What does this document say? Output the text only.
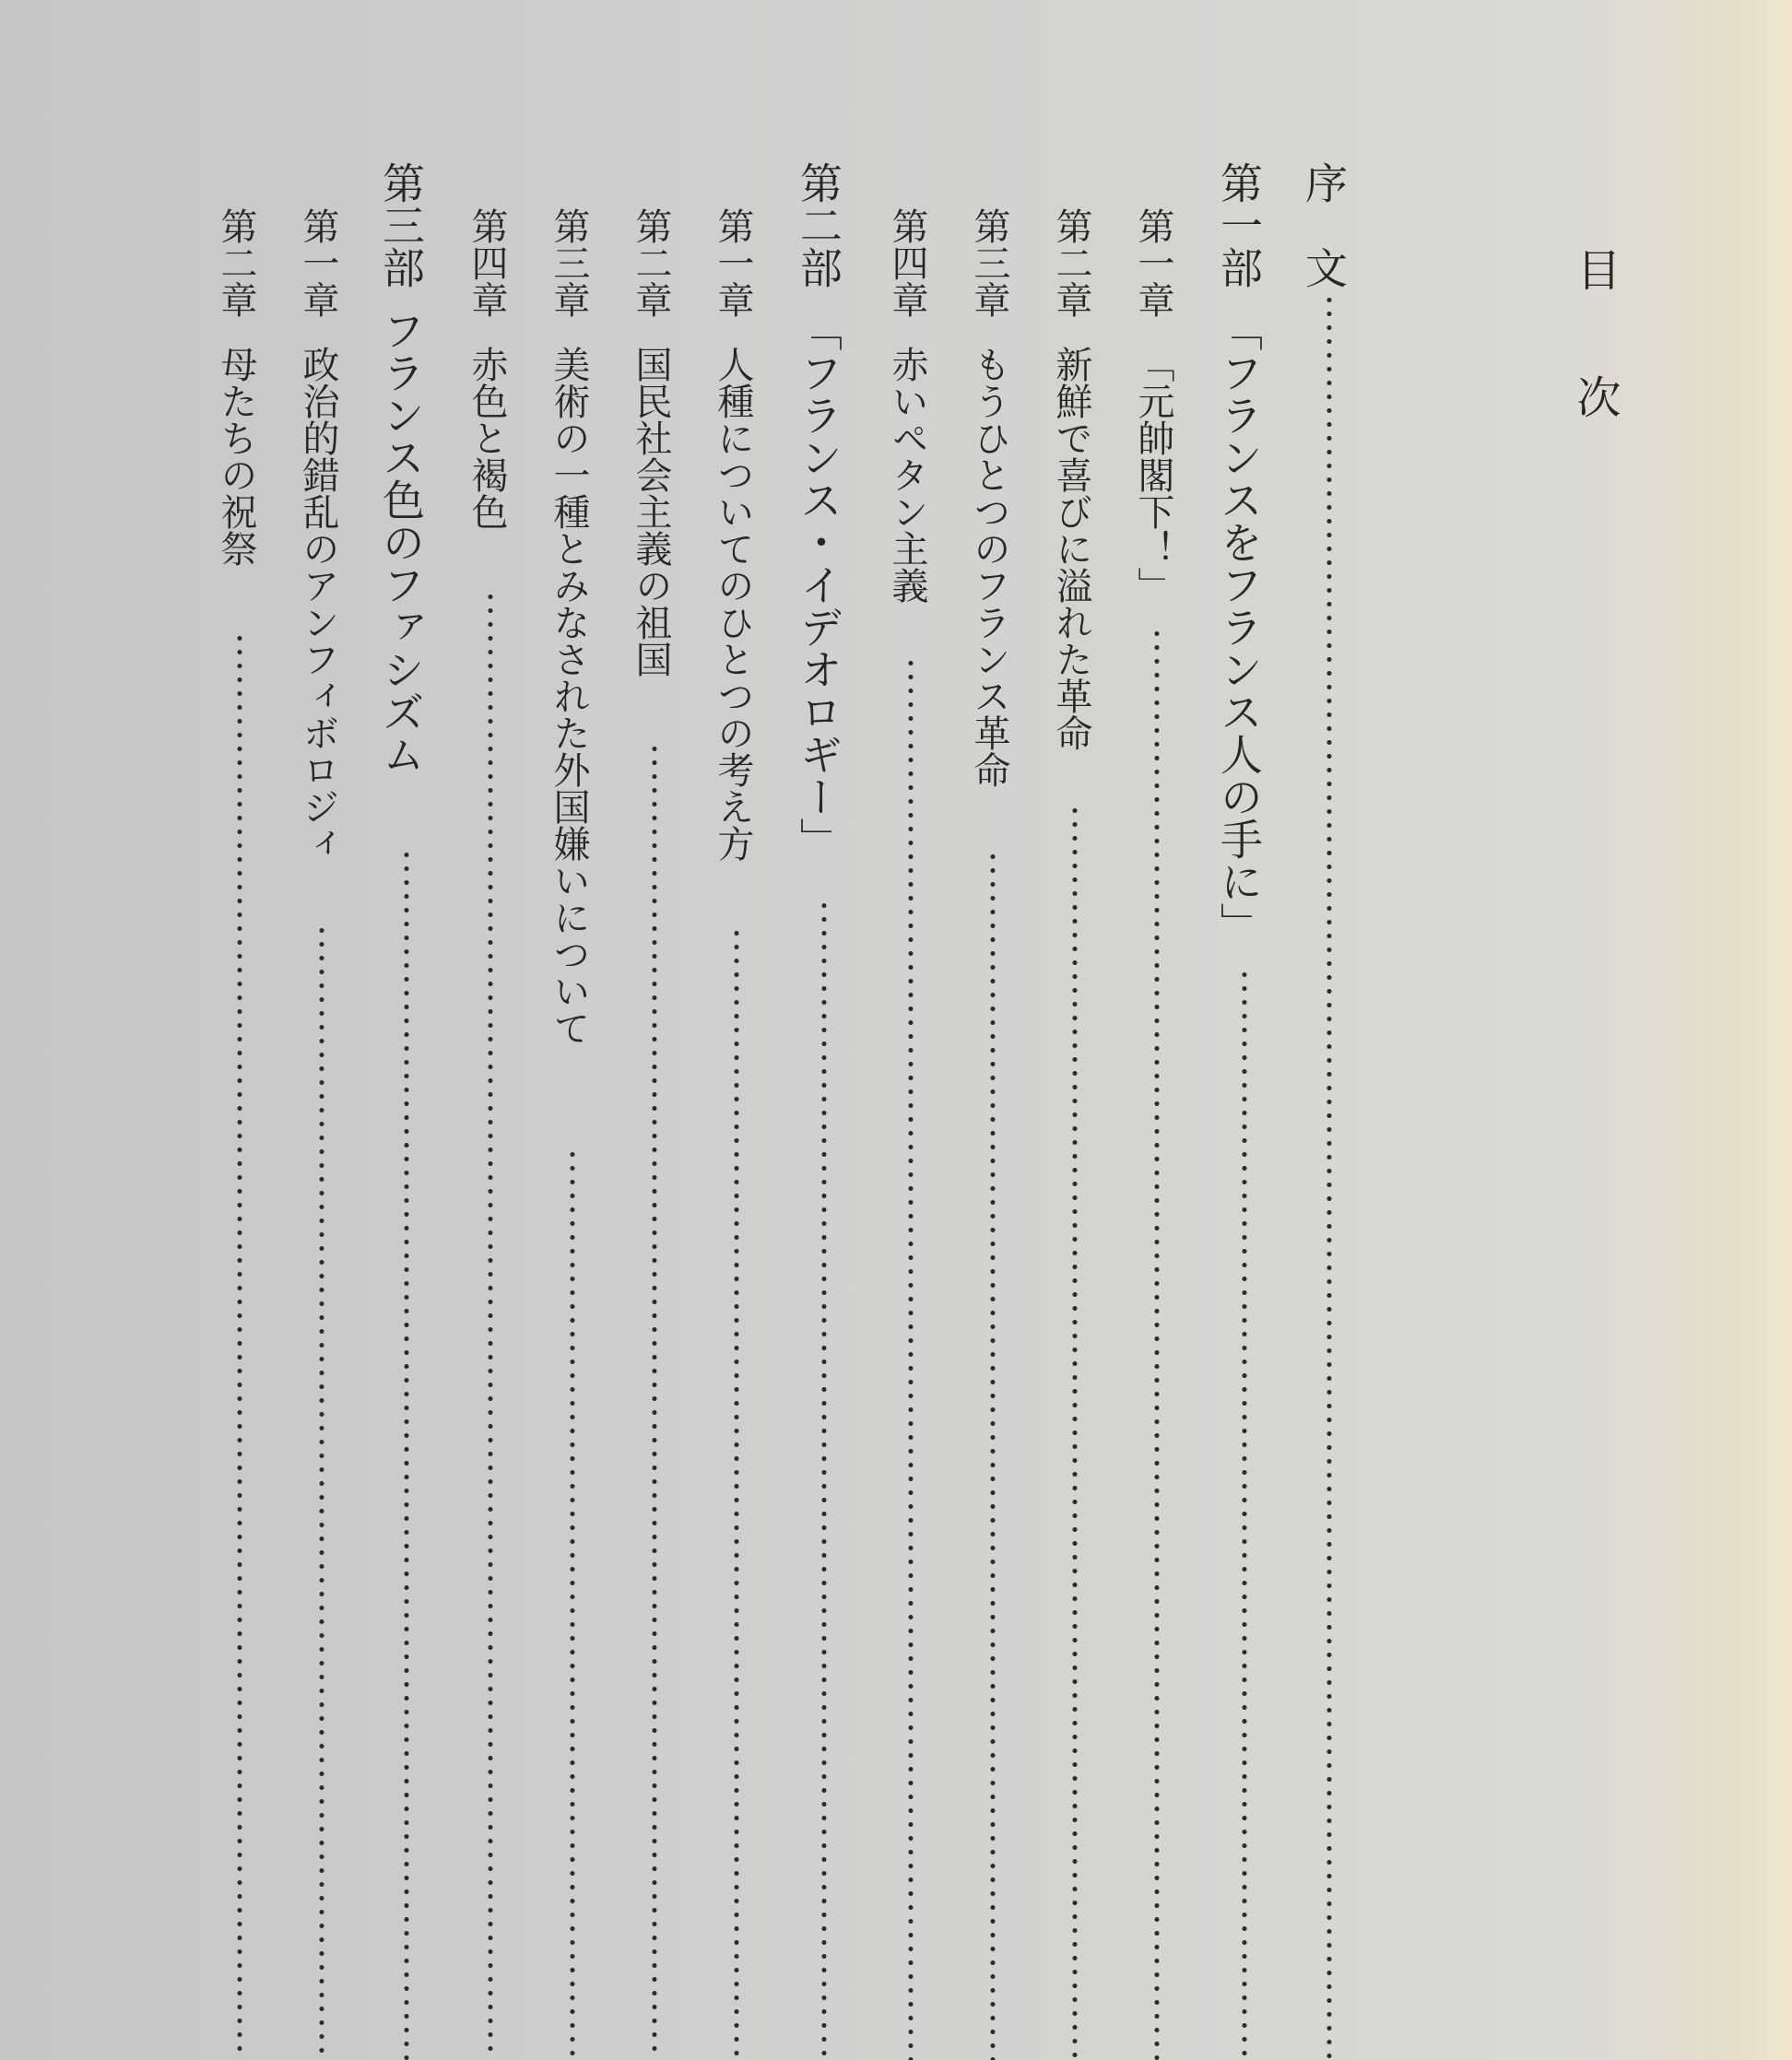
目次
序　文
第一部「フランスをフランス人の手に」
第一章「元帥閣下！」
第二章新鮮で喜びに溢れた革命
第三章もうひとつのフランス革命
第四章赤いペタン主義
第二部「フランス・イデオロギー」
第一章人種についてのひとつの考え方
第二章国民社会主義の祖国
第三章美術の一種とみなされた外国嫌いについて
第四章赤色と褐色
第三部フランス色のファシズム
第一章政治的錯乱のアンフィボロジィ
第二章母たちの祝祭
